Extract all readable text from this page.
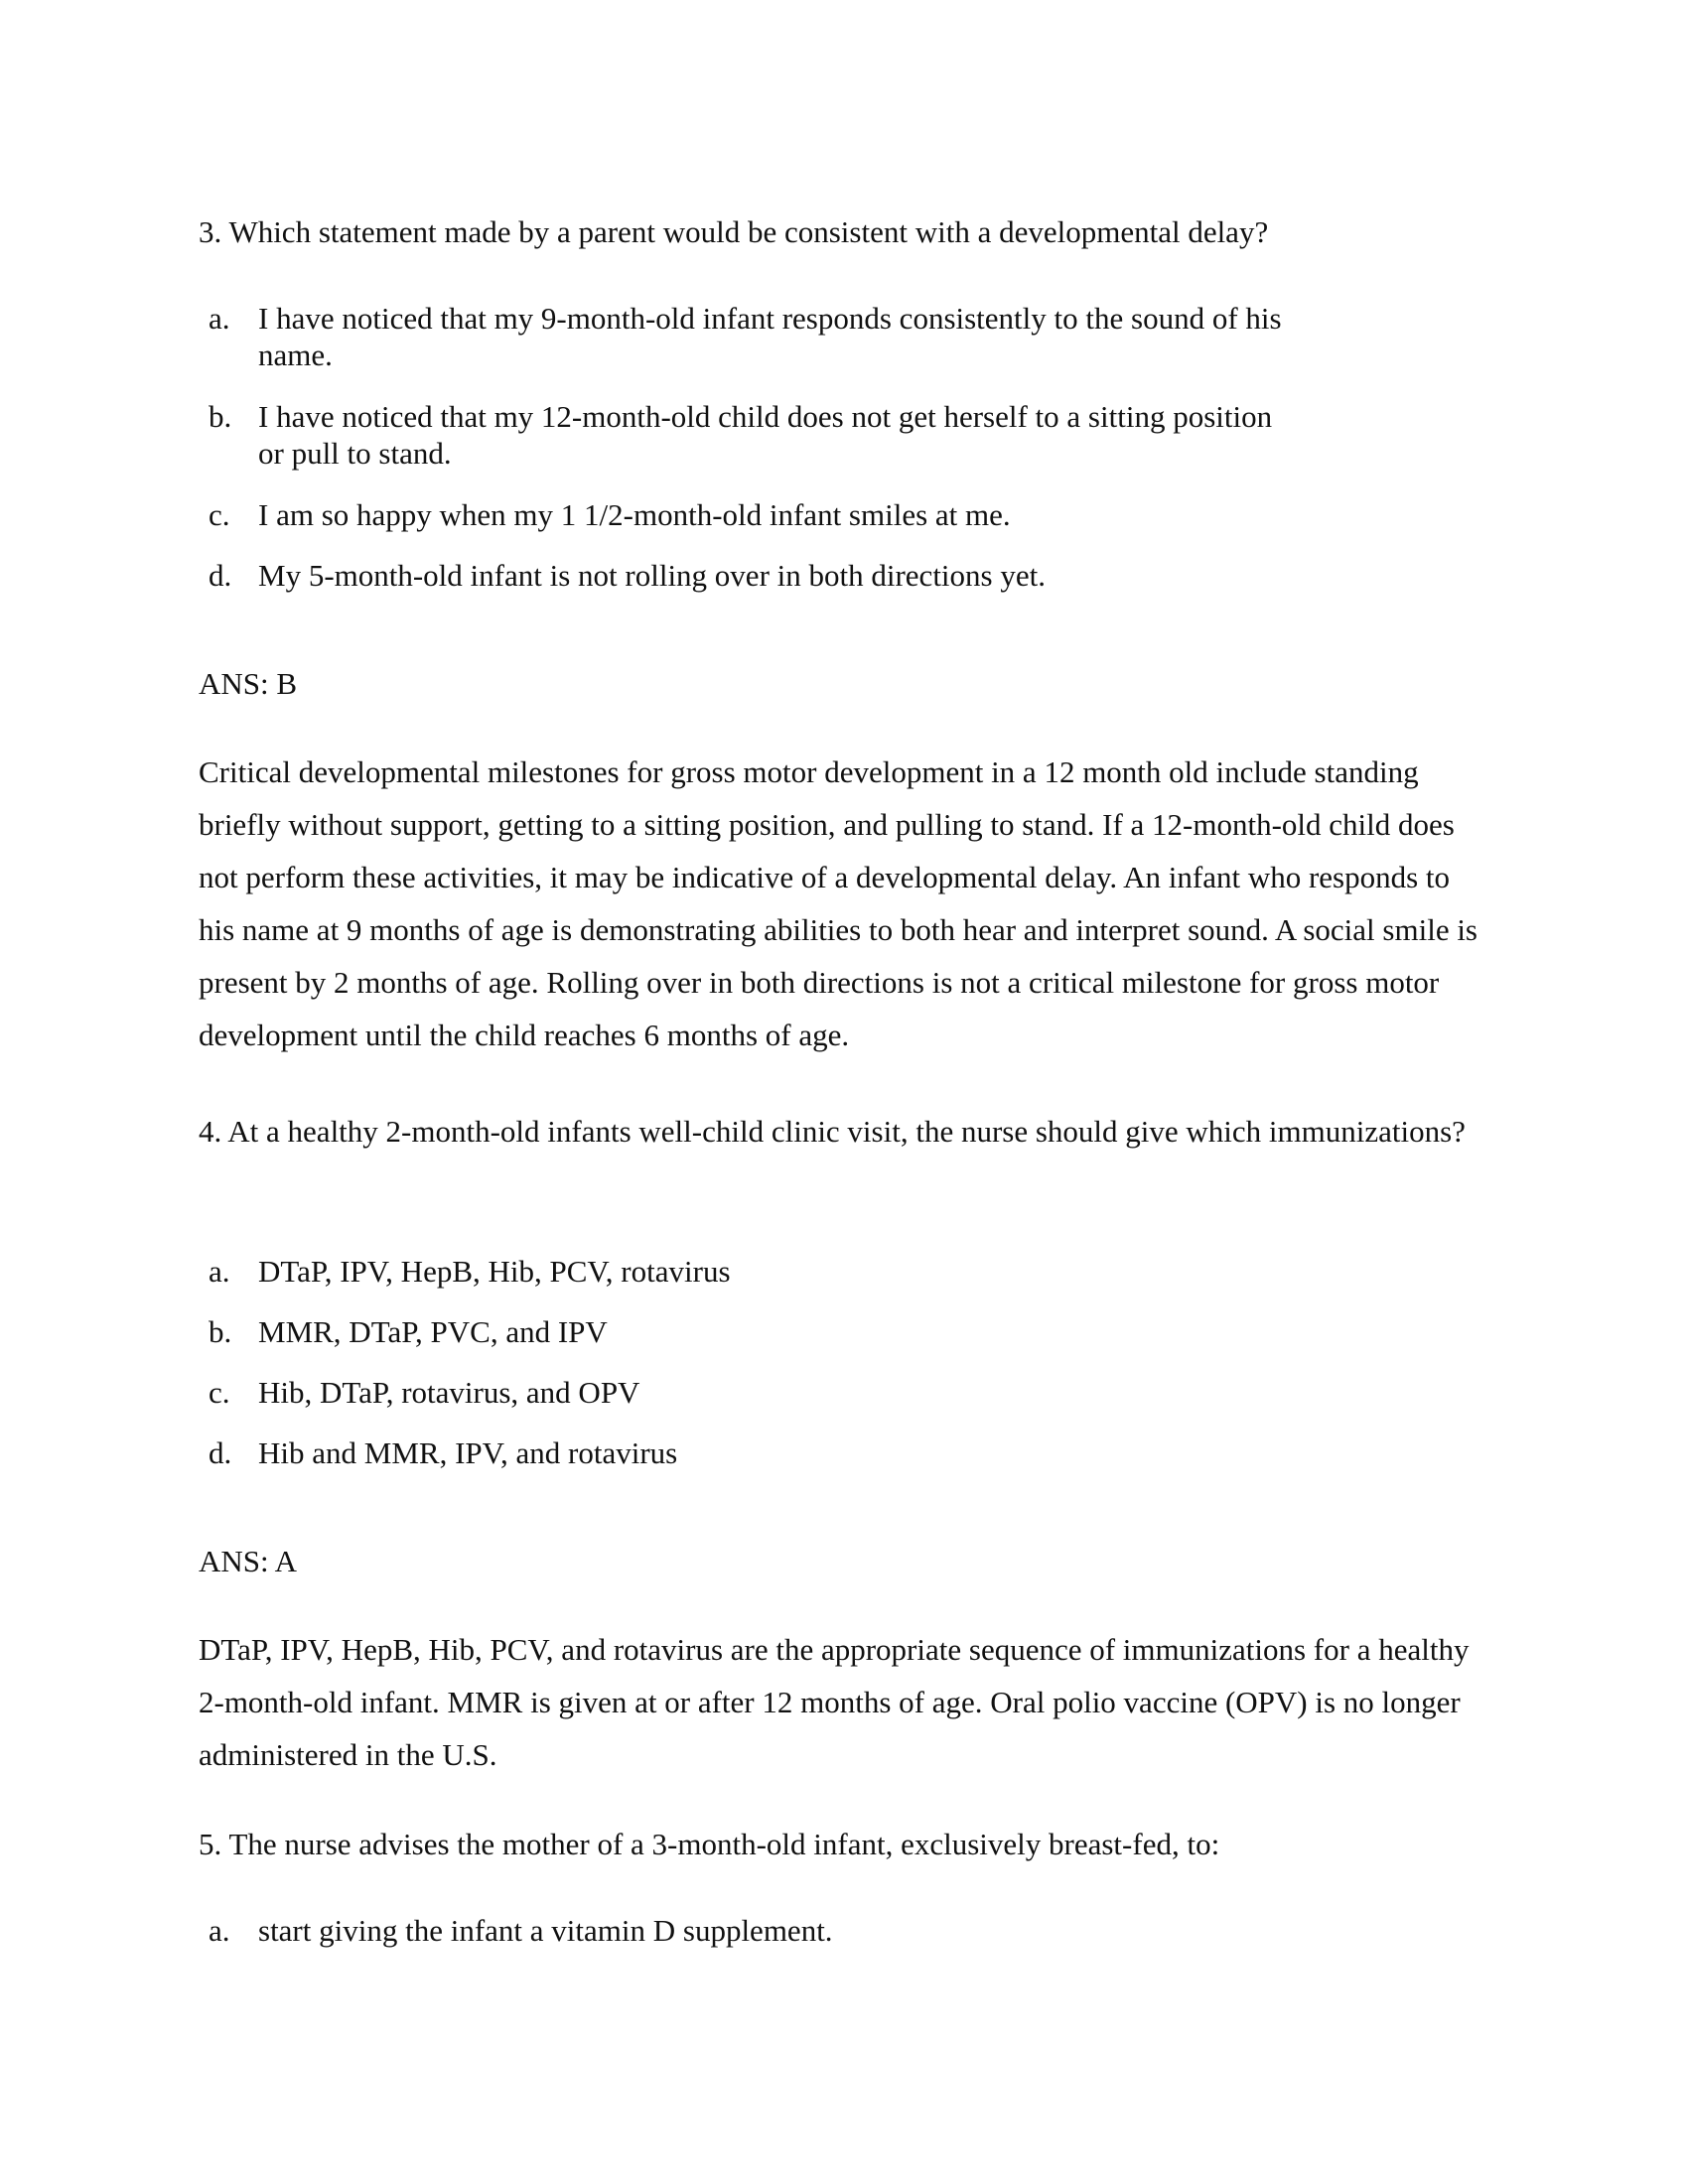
3. Which statement made by a parent would be consistent with a developmental delay?

a. I have noticed that my 9-month-old infant responds consistently to the sound of his name.
b. I have noticed that my 12-month-old child does not get herself to a sitting position or pull to stand.
c. I am so happy when my 1 1/2-month-old infant smiles at me.
d. My 5-month-old infant is not rolling over in both directions yet.

ANS: B

Critical developmental milestones for gross motor development in a 12 month old include standing briefly without support, getting to a sitting position, and pulling to stand. If a 12-month-old child does not perform these activities, it may be indicative of a developmental delay. An infant who responds to his name at 9 months of age is demonstrating abilities to both hear and interpret sound. A social smile is present by 2 months of age. Rolling over in both directions is not a critical milestone for gross motor development until the child reaches 6 months of age.

4. At a healthy 2-month-old infants well-child clinic visit, the nurse should give which immunizations?

a. DTaP, IPV, HepB, Hib, PCV, rotavirus
b. MMR, DTaP, PVC, and IPV
c. Hib, DTaP, rotavirus, and OPV
d. Hib and MMR, IPV, and rotavirus

ANS: A

DTaP, IPV, HepB, Hib, PCV, and rotavirus are the appropriate sequence of immunizations for a healthy 2-month-old infant. MMR is given at or after 12 months of age. Oral polio vaccine (OPV) is no longer administered in the U.S.

5. The nurse advises the mother of a 3-month-old infant, exclusively breast-fed, to:

a. start giving the infant a vitamin D supplement.
